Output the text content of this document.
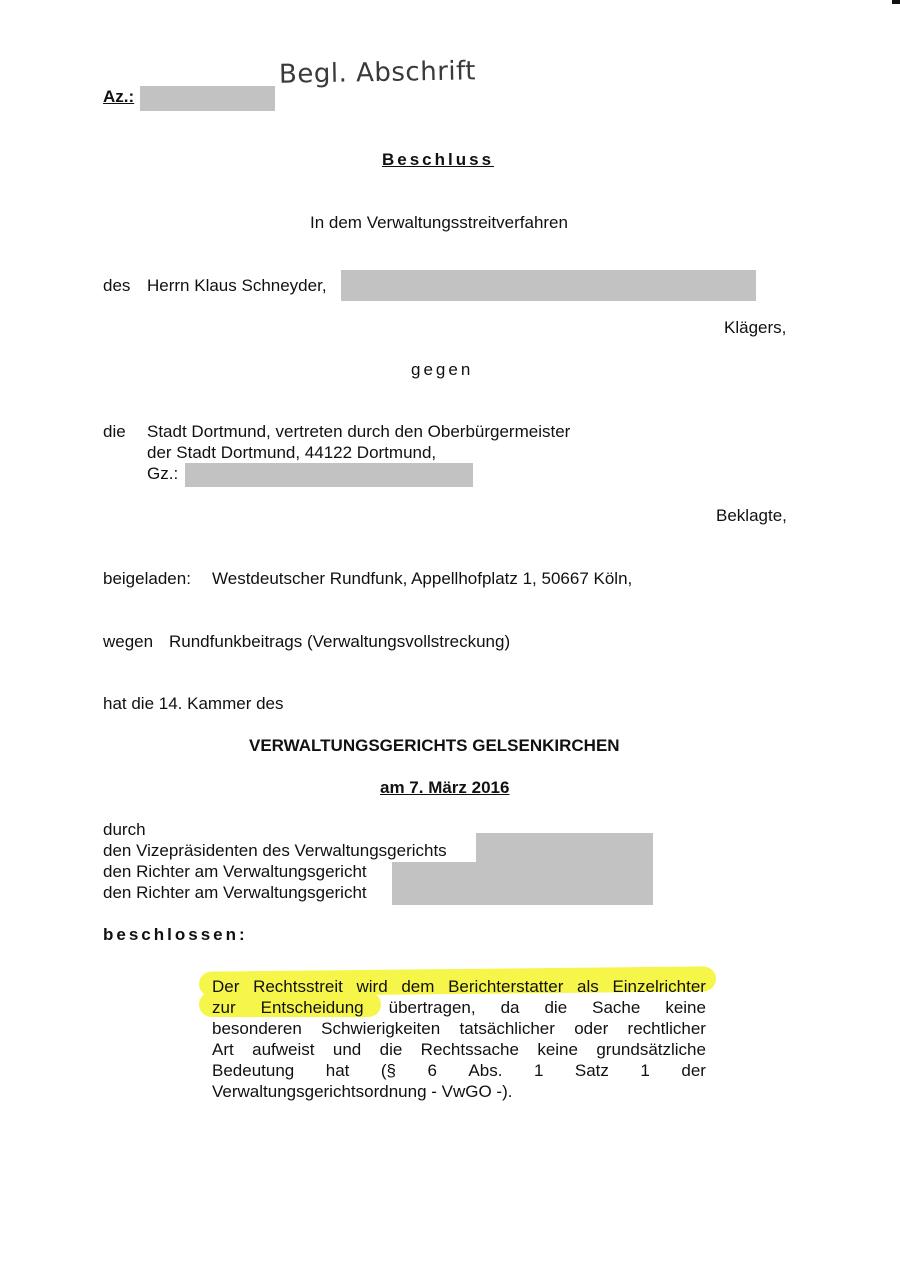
Az.:
Begl. Abschrift
Beschluss
In dem Verwaltungsstreitverfahren
des Herrn Klaus Schneyder,
Klägers,
gegen
die Stadt Dortmund, vertreten durch den Oberbürgermeister
der Stadt Dortmund, 44122 Dortmund,
Gz.:
Beklagte,
beigeladen: Westdeutscher Rundfunk, Appellhofplatz 1, 50667 Köln,
wegen Rundfunkbeitrags (Verwaltungsvollstreckung)
hat die 14. Kammer des
VERWALTUNGSGERICHTS GELSENKIRCHEN
am 7. März 2016
durch
den Vizepräsidenten des Verwaltungsgerichts
den Richter am Verwaltungsgericht
den Richter am Verwaltungsgericht
beschlossen:
Der Rechtsstreit wird dem Berichterstatter als Einzelrichter
zur Entscheidung übertragen, da die Sache keine
besonderen Schwierigkeiten tatsächlicher oder rechtlicher
Art aufweist und die Rechtssache keine grundsätzliche
Bedeutung hat (§ 6 Abs. 1 Satz 1 der
Verwaltungsgerichtsordnung - VwGO -).
